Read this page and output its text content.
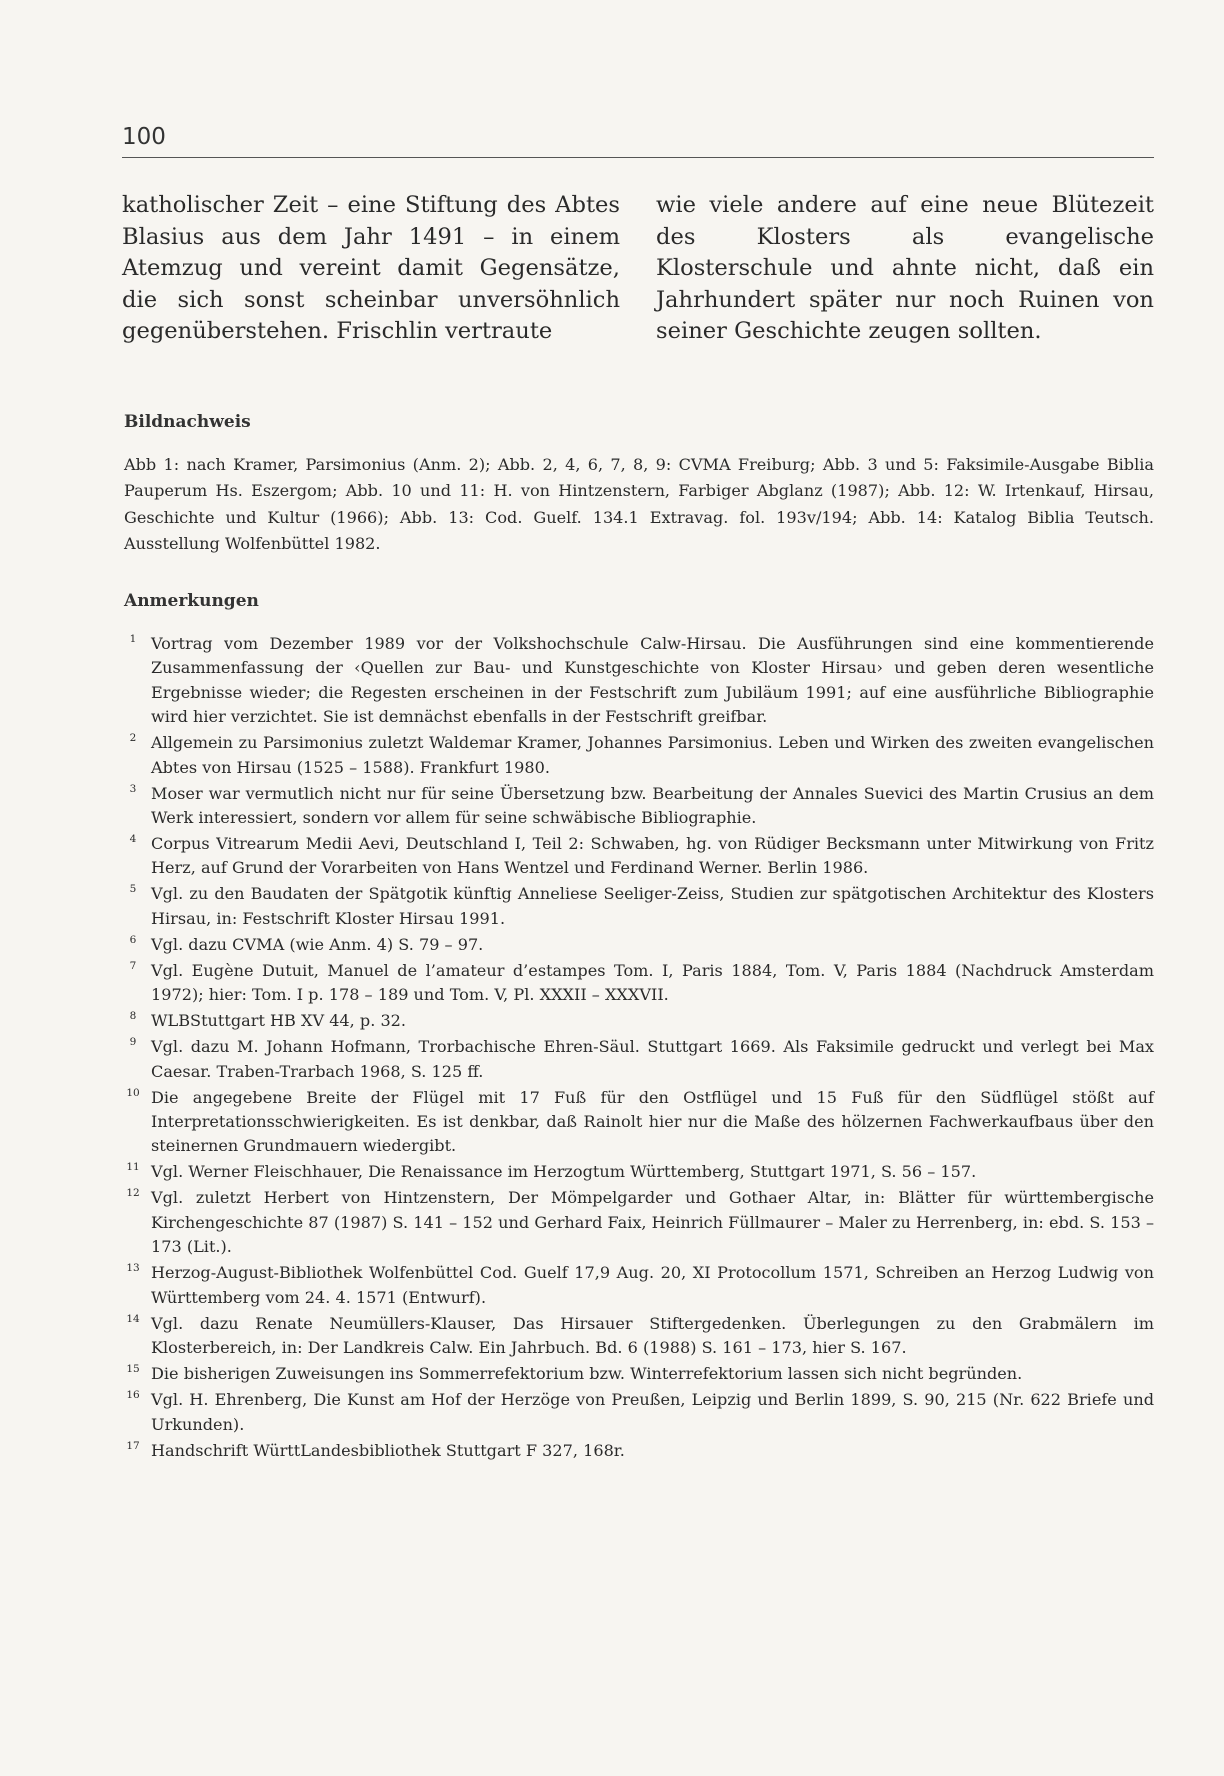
100

katholischer Zeit – eine Stiftung des Abtes Blasius aus dem Jahr 1491 – in einem Atemzug und vereint damit Gegensätze, die sich sonst scheinbar unversöhnlich gegenüberstehen. Frischlin vertraute

wie viele andere auf eine neue Blütezeit des Klosters als evangelische Klosterschule und ahnte nicht, daß ein Jahrhundert später nur noch Ruinen von seiner Geschichte zeugen sollten.

Bildnachweis

Abb 1: nach Kramer, Parsimonius (Anm. 2); Abb. 2, 4, 6, 7, 8, 9: CVMA Freiburg; Abb. 3 und 5: Faksimile-Ausgabe Biblia Pauperum Hs. Eszergom; Abb. 10 und 11: H. von Hintzenstern, Farbiger Abglanz (1987); Abb. 12: W. Irtenkauf, Hirsau, Geschichte und Kultur (1966); Abb. 13: Cod. Guelf. 134.1 Extravag. fol. 193v/194; Abb. 14: Katalog Biblia Teutsch. Ausstellung Wolfenbüttel 1982.

Anmerkungen
1 Vortrag vom Dezember 1989 vor der Volkshochschule Calw-Hirsau. Die Ausführungen sind eine kommentierende Zusammenfassung der ‹Quellen zur Bau- und Kunstgeschichte von Kloster Hirsau› und geben deren wesentliche Ergebnisse wieder; die Regesten erscheinen in der Festschrift zum Jubiläum 1991; auf eine ausführliche Bibliographie wird hier verzichtet. Sie ist demnächst ebenfalls in der Festschrift greifbar.
2 Allgemein zu Parsimonius zuletzt Waldemar Kramer, Johannes Parsimonius. Leben und Wirken des zweiten evangelischen Abtes von Hirsau (1525 – 1588). Frankfurt 1980.
3 Moser war vermutlich nicht nur für seine Übersetzung bzw. Bearbeitung der Annales Suevici des Martin Crusius an dem Werk interessiert, sondern vor allem für seine schwäbische Bibliographie.
4 Corpus Vitrearum Medii Aevi, Deutschland I, Teil 2: Schwaben, hg. von Rüdiger Becksmann unter Mitwirkung von Fritz Herz, auf Grund der Vorarbeiten von Hans Wentzel und Ferdinand Werner. Berlin 1986.
5 Vgl. zu den Baudaten der Spätgotik künftig Anneliese Seeliger-Zeiss, Studien zur spätgotischen Architektur des Klosters Hirsau, in: Festschrift Kloster Hirsau 1991.
6 Vgl. dazu CVMA (wie Anm. 4) S. 79 – 97.
7 Vgl. Eugène Dutuit, Manuel de l’amateur d’estampes Tom. I, Paris 1884, Tom. V, Paris 1884 (Nachdruck Amsterdam 1972); hier: Tom. I p. 178 – 189 und Tom. V, Pl. XXXII – XXXVII.
8 WLBStuttgart HB XV 44, p. 32.
9 Vgl. dazu M. Johann Hofmann, Trorbachische Ehren-Säul. Stuttgart 1669. Als Faksimile gedruckt und verlegt bei Max Caesar. Traben-Trarbach 1968, S. 125 ff.
10 Die angegebene Breite der Flügel mit 17 Fuß für den Ostflügel und 15 Fuß für den Südflügel stößt auf Interpretationsschwierigkeiten. Es ist denkbar, daß Rainolt hier nur die Maße des hölzernen Fachwerkaufbaus über den steinernen Grundmauern wiedergibt.
11 Vgl. Werner Fleischhauer, Die Renaissance im Herzogtum Württemberg, Stuttgart 1971, S. 56 – 157.
12 Vgl. zuletzt Herbert von Hintzenstern, Der Mömpelgarder und Gothaer Altar, in: Blätter für württembergische Kirchengeschichte 87 (1987) S. 141 – 152 und Gerhard Faix, Heinrich Füllmaurer – Maler zu Herrenberg, in: ebd. S. 153 – 173 (Lit.).
13 Herzog-August-Bibliothek Wolfenbüttel Cod. Guelf 17,9 Aug. 20, XI Protocollum 1571, Schreiben an Herzog Ludwig von Württemberg vom 24. 4. 1571 (Entwurf).
14 Vgl. dazu Renate Neumüllers-Klauser, Das Hirsauer Stiftergedenken. Überlegungen zu den Grabmälern im Klosterbereich, in: Der Landkreis Calw. Ein Jahrbuch. Bd. 6 (1988) S. 161 – 173, hier S. 167.
15 Die bisherigen Zuweisungen ins Sommerrefektorium bzw. Winterrefektorium lassen sich nicht begründen.
16 Vgl. H. Ehrenberg, Die Kunst am Hof der Herzöge von Preußen, Leipzig und Berlin 1899, S. 90, 215 (Nr. 622 Briefe und Urkunden).
17 Handschrift WürttLandesbibliothek Stuttgart F 327, 168r.
